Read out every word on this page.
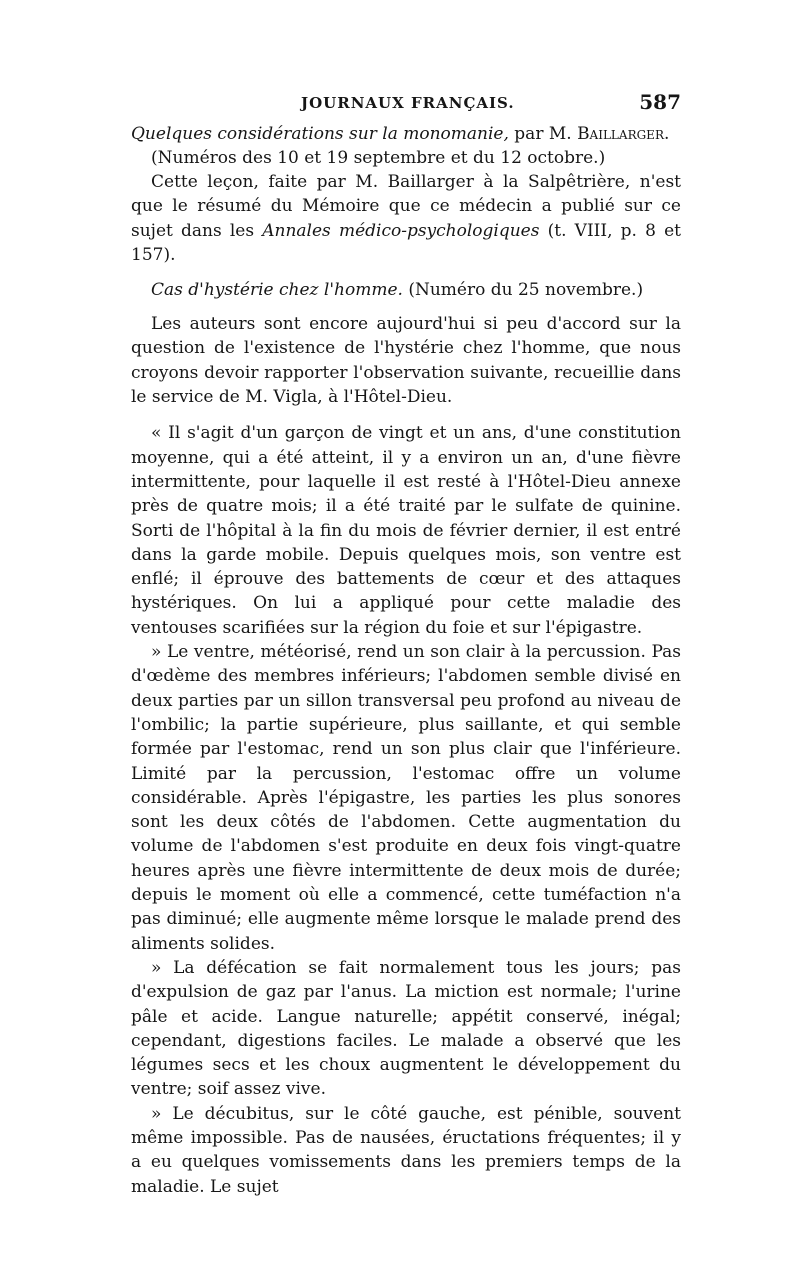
JOURNAUX FRANÇAIS.	587

Quelques considérations sur la monomanie, par M. Baillarger.

(Numéros des 10 et 19 septembre et du 12 octobre.)

Cette leçon, faite par M. Baillarger à la Salpêtrière, n'est que le résumé du Mémoire que ce médecin a publié sur ce sujet dans les Annales médico-psychologiques (t. VIII, p. 8 et 157).

Cas d'hystérie chez l'homme. (Numéro du 25 novembre.)

Les auteurs sont encore aujourd'hui si peu d'accord sur la question de l'existence de l'hystérie chez l'homme, que nous croyons devoir rapporter l'observation suivante, recueillie dans le service de M. Vigla, à l'Hôtel-Dieu.

« Il s'agit d'un garçon de vingt et un ans, d'une constitution moyenne, qui a été atteint, il y a environ un an, d'une fièvre intermittente, pour laquelle il est resté à l'Hôtel-Dieu annexe près de quatre mois; il a été traité par le sulfate de quinine. Sorti de l'hôpital à la fin du mois de février dernier, il est entré dans la garde mobile. Depuis quelques mois, son ventre est enflé; il éprouve des battements de cœur et des attaques hystériques. On lui a appliqué pour cette maladie des ventouses scarifiées sur la région du foie et sur l'épigastre.

» Le ventre, météorisé, rend un son clair à la percussion. Pas d'œdème des membres inférieurs; l'abdomen semble divisé en deux parties par un sillon transversal peu profond au niveau de l'ombilic; la partie supérieure, plus saillante, et qui semble formée par l'estomac, rend un son plus clair que l'inférieure. Limité par la percussion, l'estomac offre un volume considérable. Après l'épigastre, les parties les plus sonores sont les deux côtés de l'abdomen. Cette augmentation du volume de l'abdomen s'est produite en deux fois vingt-quatre heures après une fièvre intermittente de deux mois de durée; depuis le moment où elle a commencé, cette tuméfaction n'a pas diminué; elle augmente même lorsque le malade prend des aliments solides.

» La défécation se fait normalement tous les jours; pas d'expulsion de gaz par l'anus. La miction est normale; l'urine pâle et acide. Langue naturelle; appétit conservé, inégal; cependant, digestions faciles. Le malade a observé que les légumes secs et les choux augmentent le développement du ventre; soif assez vive.

» Le décubitus, sur le côté gauche, est pénible, souvent même impossible. Pas de nausées, éructations fréquentes; il y a eu quelques vomissements dans les premiers temps de la maladie. Le sujet
